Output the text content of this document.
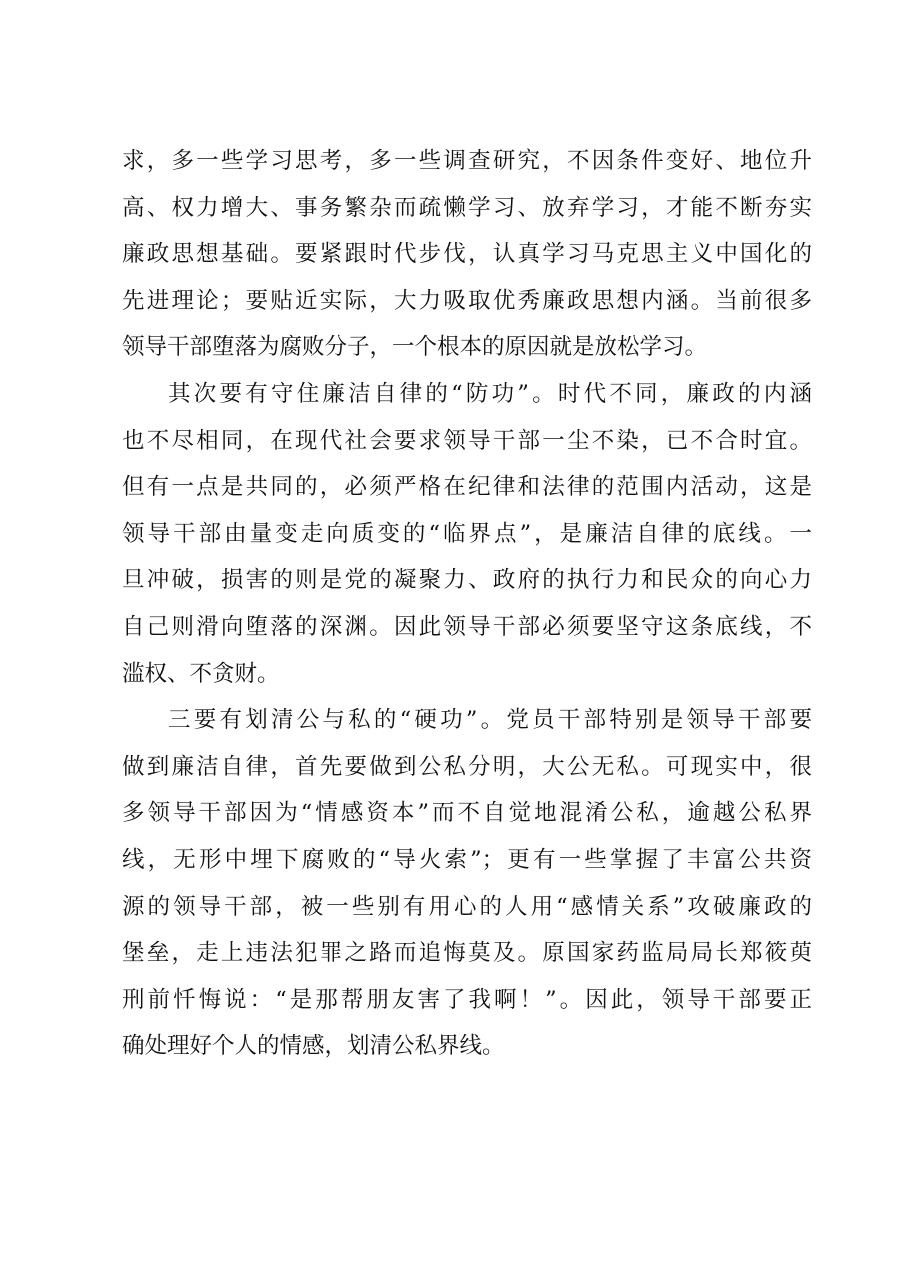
求，多一些学习思考，多一些调查研究，不因条件变好、地位升
高、权力增大、事务繁杂而疏懒学习、放弃学习，才能不断夯实
廉政思想基础。要紧跟时代步伐，认真学习马克思主义中国化的
先进理论；要贴近实际，大力吸取优秀廉政思想内涵。当前很多
领导干部堕落为腐败分子，一个根本的原因就是放松学习。
其次要有守住廉洁自律的“防功”。时代不同，廉政的内涵
也不尽相同，在现代社会要求领导干部一尘不染，已不合时宜。
但有一点是共同的，必须严格在纪律和法律的范围内活动，这是
领导干部由量变走向质变的“临界点”，是廉洁自律的底线。一
旦冲破，损害的则是党的凝聚力、政府的执行力和民众的向心力
自己则滑向堕落的深渊。因此领导干部必须要坚守这条底线，不
滥权、不贪财。
三要有划清公与私的“硬功”。党员干部特别是领导干部要
做到廉洁自律，首先要做到公私分明，大公无私。可现实中，很
多领导干部因为“情感资本”而不自觉地混淆公私，逾越公私界
线，无形中埋下腐败的“导火索”；更有一些掌握了丰富公共资
源的领导干部，被一些别有用心的人用“感情关系”攻破廉政的
堡垒，走上违法犯罪之路而追悔莫及。原国家药监局局长郑筱萸
刑前忏悔说：“是那帮朋友害了我啊！”。因此，领导干部要正
确处理好个人的情感，划清公私界线。
